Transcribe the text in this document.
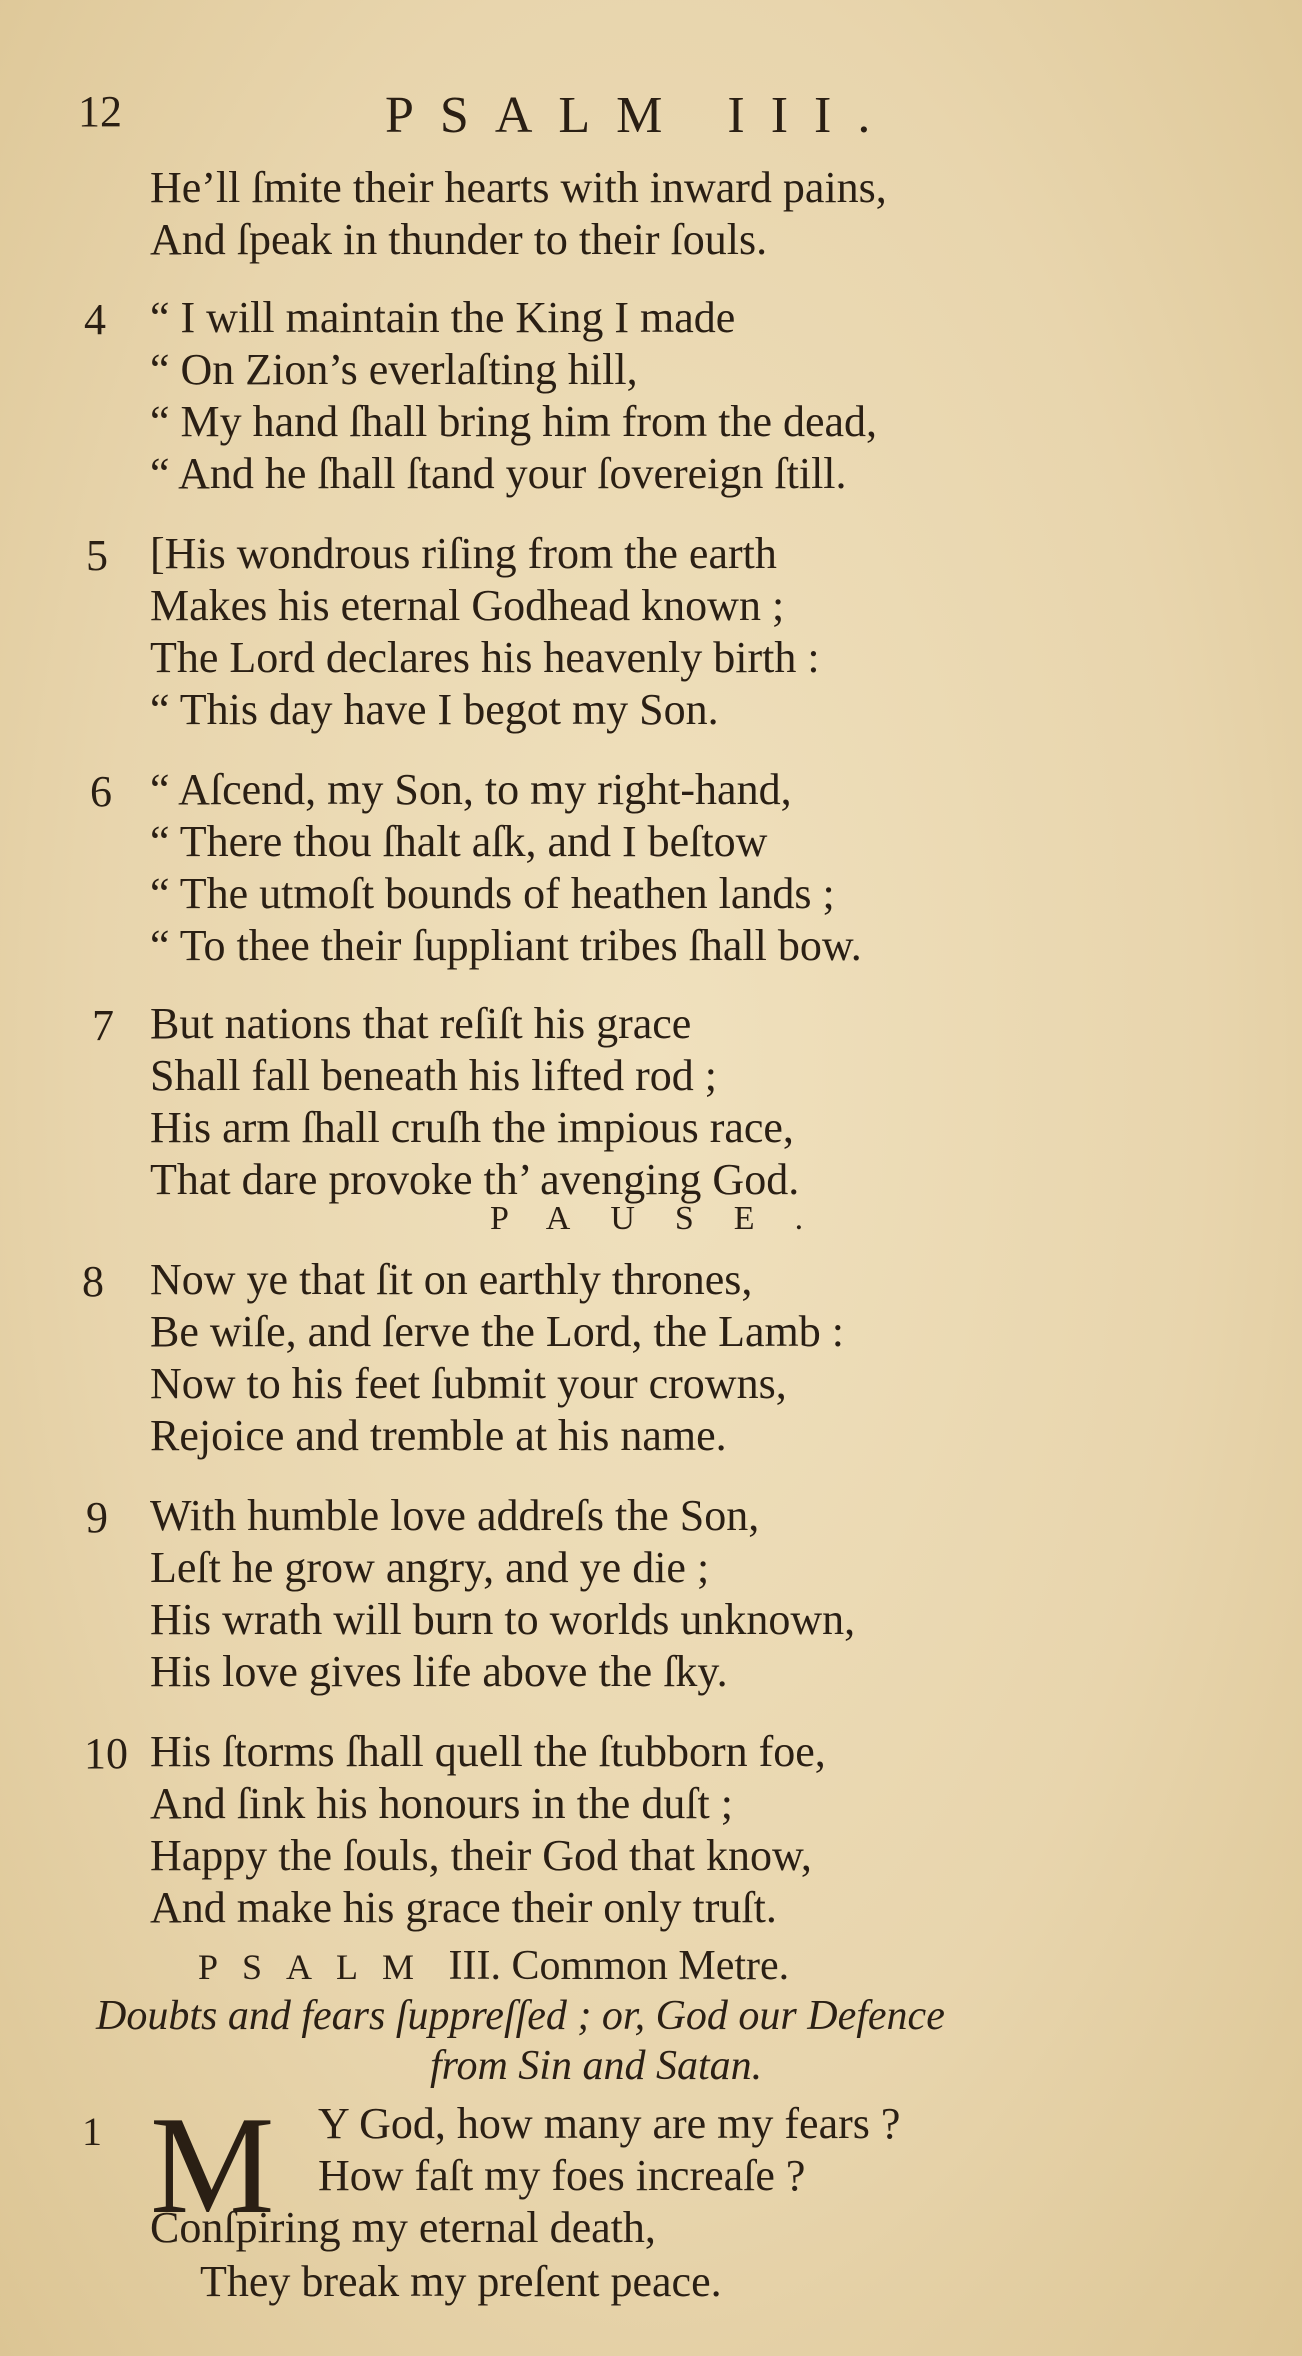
12	PSALM III.
He’ll ſmite their hearts with inward pains,
And ſpeak in thunder to their ſouls.
4 “ I will maintain the King I made
“ On Zion’s everlaſting hill,
“ My hand ſhall bring him from the dead,
“ And he ſhall ſtand your ſovereign ſtill.
5 [His wondrous riſing from the earth
Makes his eternal Godhead known ;
The Lord declares his heavenly birth :
“ This day have I begot my Son.
6 “ Aſcend, my Son, to my right-hand,
“ There thou ſhalt aſk, and I beſtow
“ The utmoſt bounds of heathen lands ;
“ To thee their ſuppliant tribes ſhall bow.
7 But nations that reſiſt his grace
Shall fall beneath his lifted rod ;
His arm ſhall cruſh the impious race,
That dare provoke th’ avenging God.
PAUSE.
8 Now ye that ſit on earthly thrones,
Be wiſe, and ſerve the Lord, the Lamb :
Now to his feet ſubmit your crowns,
Rejoice and tremble at his name.
9 With humble love addreſs the Son,
Leſt he grow angry, and ye die ;
His wrath will burn to worlds unknown,
His love gives life above the ſky.
10 His ſtorms ſhall quell the ſtubborn foe,
And ſink his honours in the duſt ;
Happy the ſouls, their God that know,
And make his grace their only truſt.
PSALM III. Common Metre.
Doubts and fears ſuppreſſed ; or, God our Defence
from Sin and Satan.
1 M Y God, how many are my fears ?
How faſt my foes increaſe ?
Conſpiring my eternal death,
They break my preſent peace.
